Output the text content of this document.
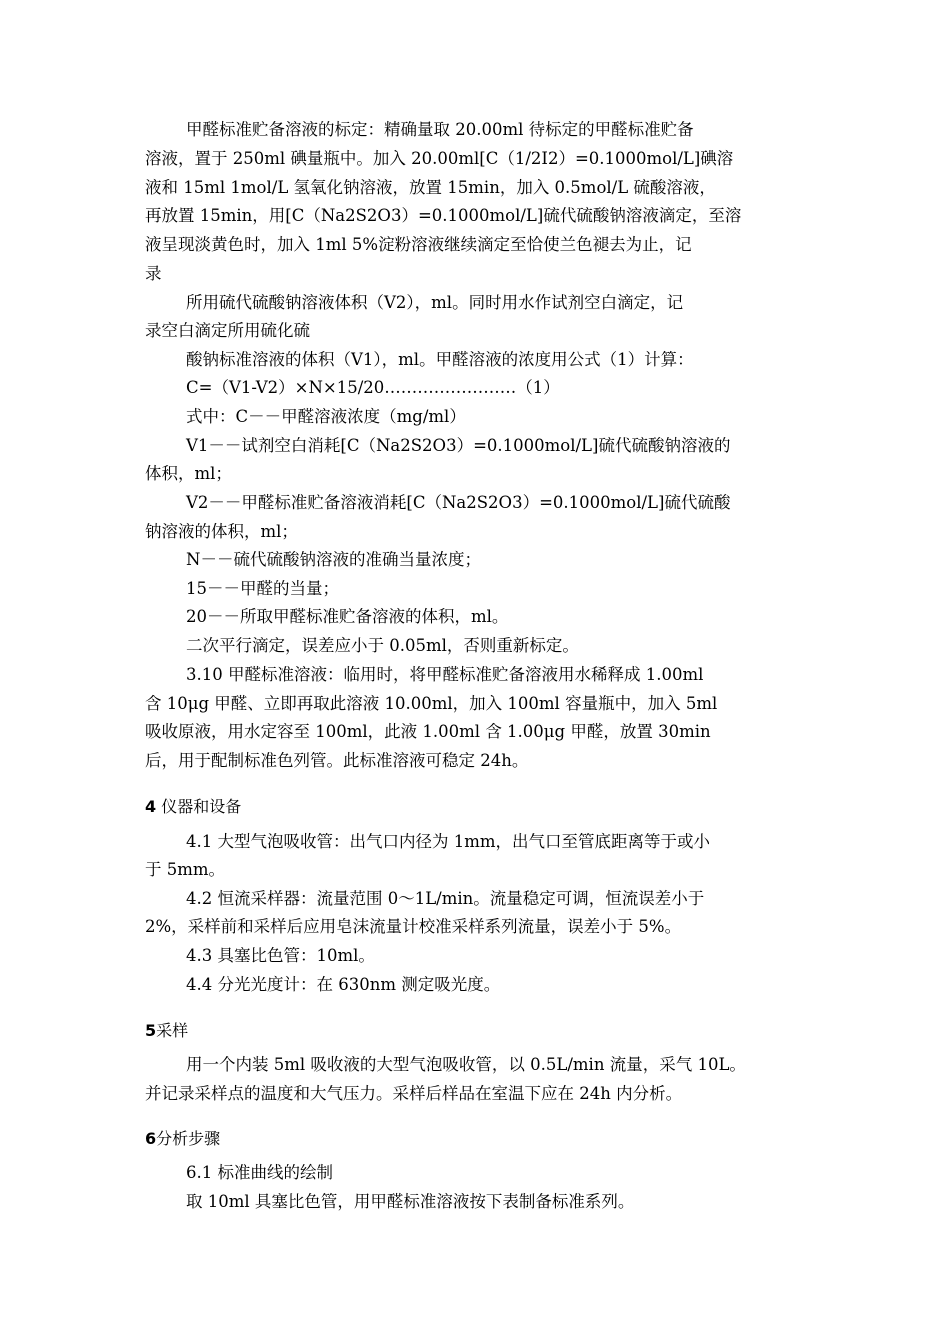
甲醛标准贮备溶液的标定：精确量取 20.00ml 待标定的甲醛标准贮备
溶液，置于 250ml 碘量瓶中。加入 20.00ml[C（1/2I2）=0.1000mol/L]碘溶
液和 15ml 1mol/L 氢氧化钠溶液，放置 15min，加入 0.5mol/L 硫酸溶液，
再放置 15min，用[C（Na2S2O3）=0.1000mol/L]硫代硫酸钠溶液滴定，至溶
液呈现淡黄色时，加入 1ml 5%淀粉溶液继续滴定至恰使兰色褪去为止，记
录
所用硫代硫酸钠溶液体积（V2），ml。同时用水作试剂空白滴定，记
录空白滴定所用硫化硫
酸钠标准溶液的体积（V1），ml。甲醛溶液的浓度用公式（1）计算：
C=（V1-V2）×N×15/20……………………（1）
式中：C－－甲醛溶液浓度（mg/ml）
V1－－试剂空白消耗[C（Na2S2O3）=0.1000mol/L]硫代硫酸钠溶液的
体积，ml；
V2－－甲醛标准贮备溶液消耗[C（Na2S2O3）=0.1000mol/L]硫代硫酸
钠溶液的体积，ml；
N－－硫代硫酸钠溶液的准确当量浓度；
15－－甲醛的当量；
20－－所取甲醛标准贮备溶液的体积，ml。
二次平行滴定，误差应小于 0.05ml，否则重新标定。
3.10 甲醛标准溶液：临用时，将甲醛标准贮备溶液用水稀释成 1.00ml
含 10μg 甲醛、立即再取此溶液 10.00ml，加入 100ml 容量瓶中，加入 5ml
吸收原液，用水定容至 100ml，此液 1.00ml 含 1.00μg 甲醛，放置 30min
后，用于配制标准色列管。此标准溶液可稳定 24h。
4 仪器和设备
4.1 大型气泡吸收管：出气口内径为 1mm，出气口至管底距离等于或小
于 5mm。
4.2 恒流采样器：流量范围 0～1L/min。流量稳定可调，恒流误差小于
2%，采样前和采样后应用皂沫流量计校准采样系列流量，误差小于 5%。
4.3 具塞比色管：10ml。
4.4 分光光度计：在 630nm 测定吸光度。
5采样
用一个内装 5ml 吸收液的大型气泡吸收管，以 0.5L/min 流量，采气 10L。
并记录采样点的温度和大气压力。采样后样品在室温下应在 24h 内分析。
6分析步骤
6.1 标准曲线的绘制
取 10ml 具塞比色管，用甲醛标准溶液按下表制备标准系列。
